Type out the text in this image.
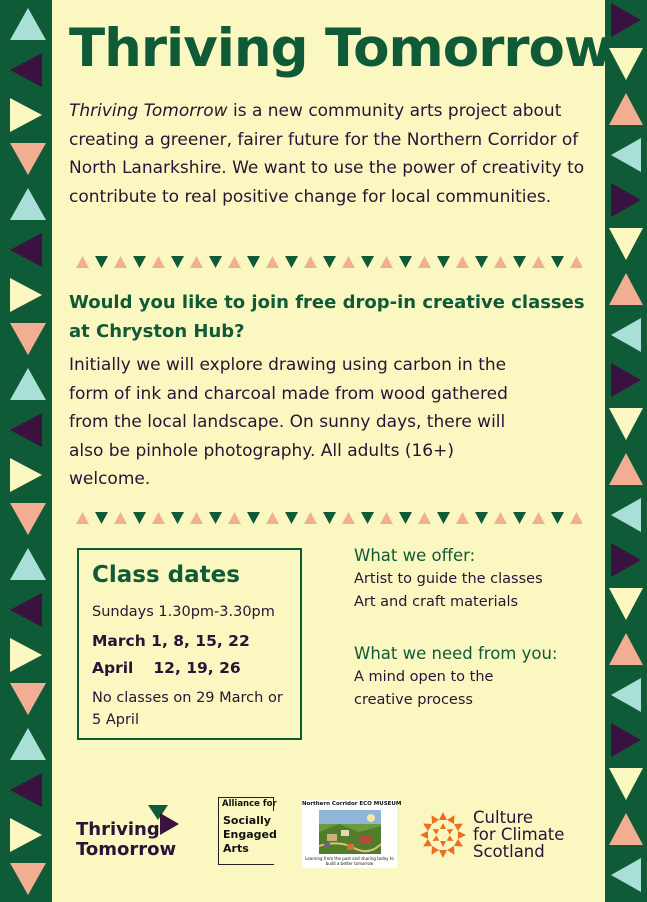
Thriving Tomorrow
Thriving Tomorrow is a new community arts project about creating a greener, fairer future for the Northern Corridor of North Lanarkshire. We want to use the power of creativity to contribute to real positive change for local communities.
Would you like to join free drop-in creative classes at Chryston Hub?
Initially we will explore drawing using carbon in the form of ink and charcoal made from wood gathered from the local landscape. On sunny days, there will also be pinhole photography. All adults (16+) welcome.
Class dates
Sundays 1.30pm-3.30pm
March 1, 8, 15, 22
April 12, 19, 26
No classes on 29 March or 5 April
What we offer:
Artist to guide the classes
Art and craft materials
What we need from you:
A mind open to the creative process
Thriving
Tomorrow
Alliance for
Socially
Engaged
Arts
Northern Corridor ECO MUSEUM
Learning from the past and sharing today to build a better tomorrow
Culture
for Climate
Scotland
